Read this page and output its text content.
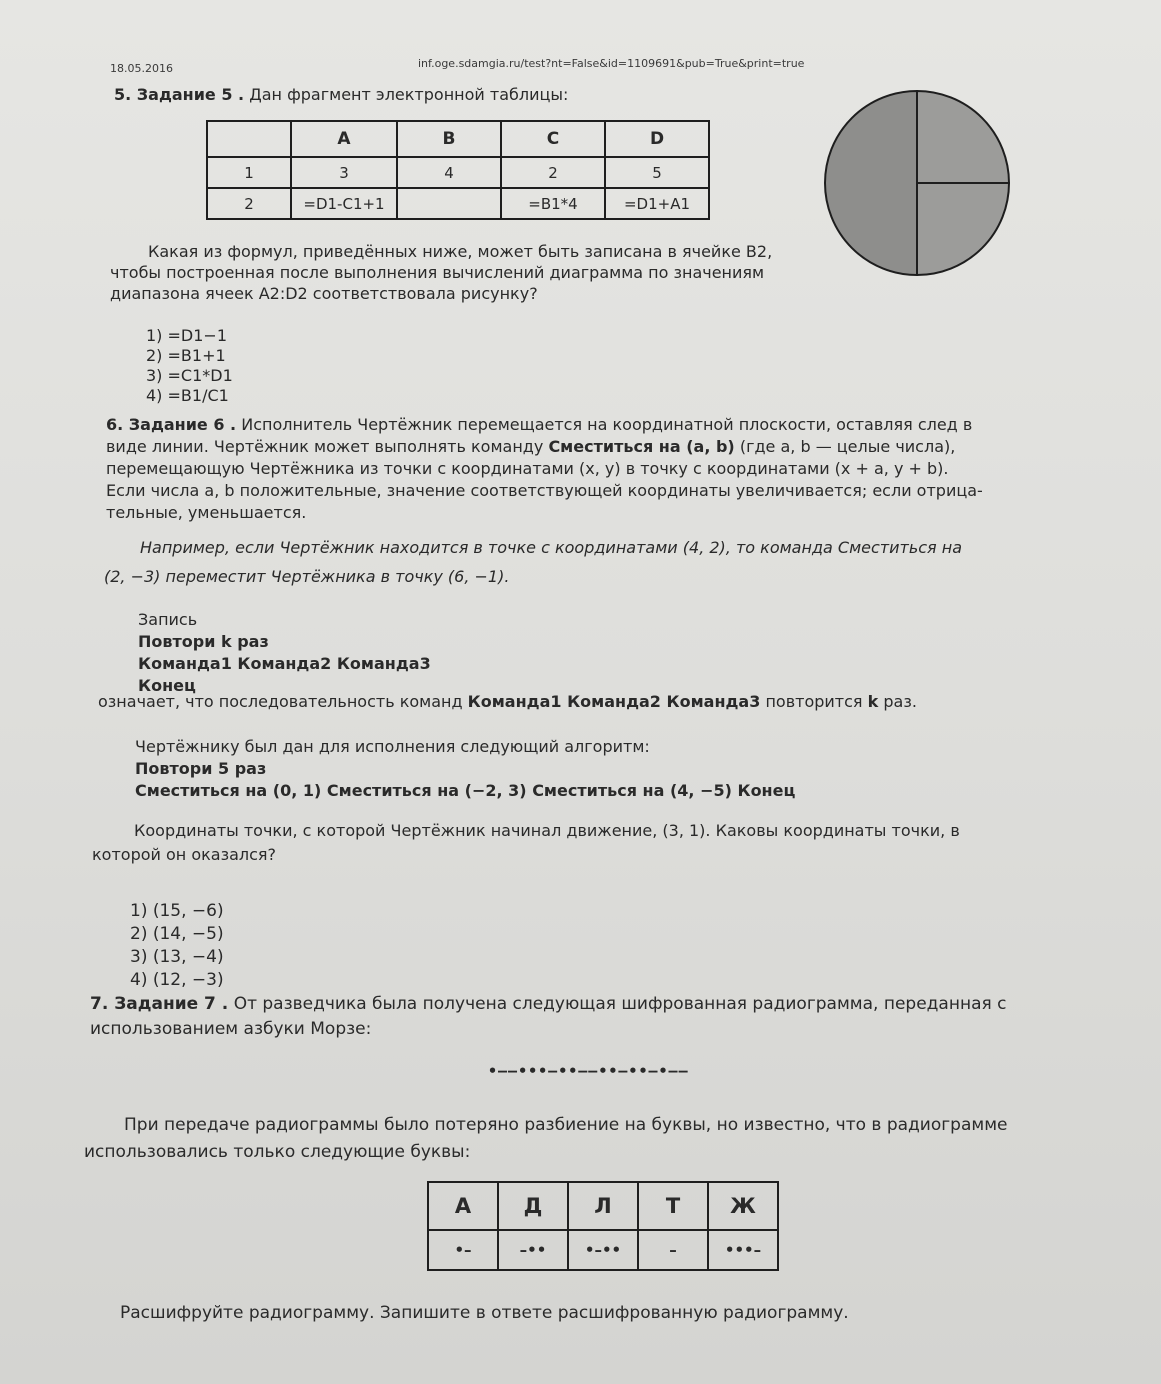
18.05.2016	inf.oge.sdamgia.ru/test?nt=False&id=1109691&pub=True&print=true
5. Задание 5 . Дан фрагмент электронной таблицы:
	A	B	C	D
1	3	4	2	5
2	=D1-C1+1		=B1*4	=D1+A1
Какая из формул, приведённых ниже, может быть записана в ячейке B2,
чтобы построенная после выполнения вычислений диаграмма по значениям
диапазона ячеек A2:D2 соответствовала рисунку?
1) =D1−1
2) =B1+1
3) =C1*D1
4) =B1/C1
6. Задание 6 . Исполнитель Чертёжник перемещается на координатной плоскости, оставляя след в
виде линии. Чертёжник может выполнять команду Сместиться на (a, b) (где a, b — целые числа),
перемещающую Чертёжника из точки с координатами (x, y) в точку с координатами (x + a, y + b).
Если числа a, b положительные, значение соответствующей координаты увеличивается; если отрица-
тельные, уменьшается.
Например, если Чертёжник находится в точке с координатами (4, 2), то команда Сместиться на
(2, −3) переместит Чертёжника в точку (6, −1).
Запись
Повтори k раз
Команда1 Команда2 Команда3
Конец
означает, что последовательность команд Команда1 Команда2 Команда3 повторится k раз.
Чертёжнику был дан для исполнения следующий алгоритм:
Повтори 5 раз
Сместиться на (0, 1) Сместиться на (−2, 3) Сместиться на (4, −5) Конец
Координаты точки, с которой Чертёжник начинал движение, (3, 1). Каковы координаты точки, в
которой он оказался?
1) (15, −6)
2) (14, −5)
3) (13, −4)
4) (12, −3)
7. Задание 7 . От разведчика была получена следующая шифрованная радиограмма, переданная с
использованием азбуки Морзе:
•––•••–••––••–••–•––
При передаче радиограммы было потеряно разбиение на буквы, но известно, что в радиограмме
использовались только следующие буквы:
А	Д	Л	Т	Ж
•–	–••	•–••	–	•••–
Расшифруйте радиограмму. Запишите в ответе расшифрованную радиограмму.
